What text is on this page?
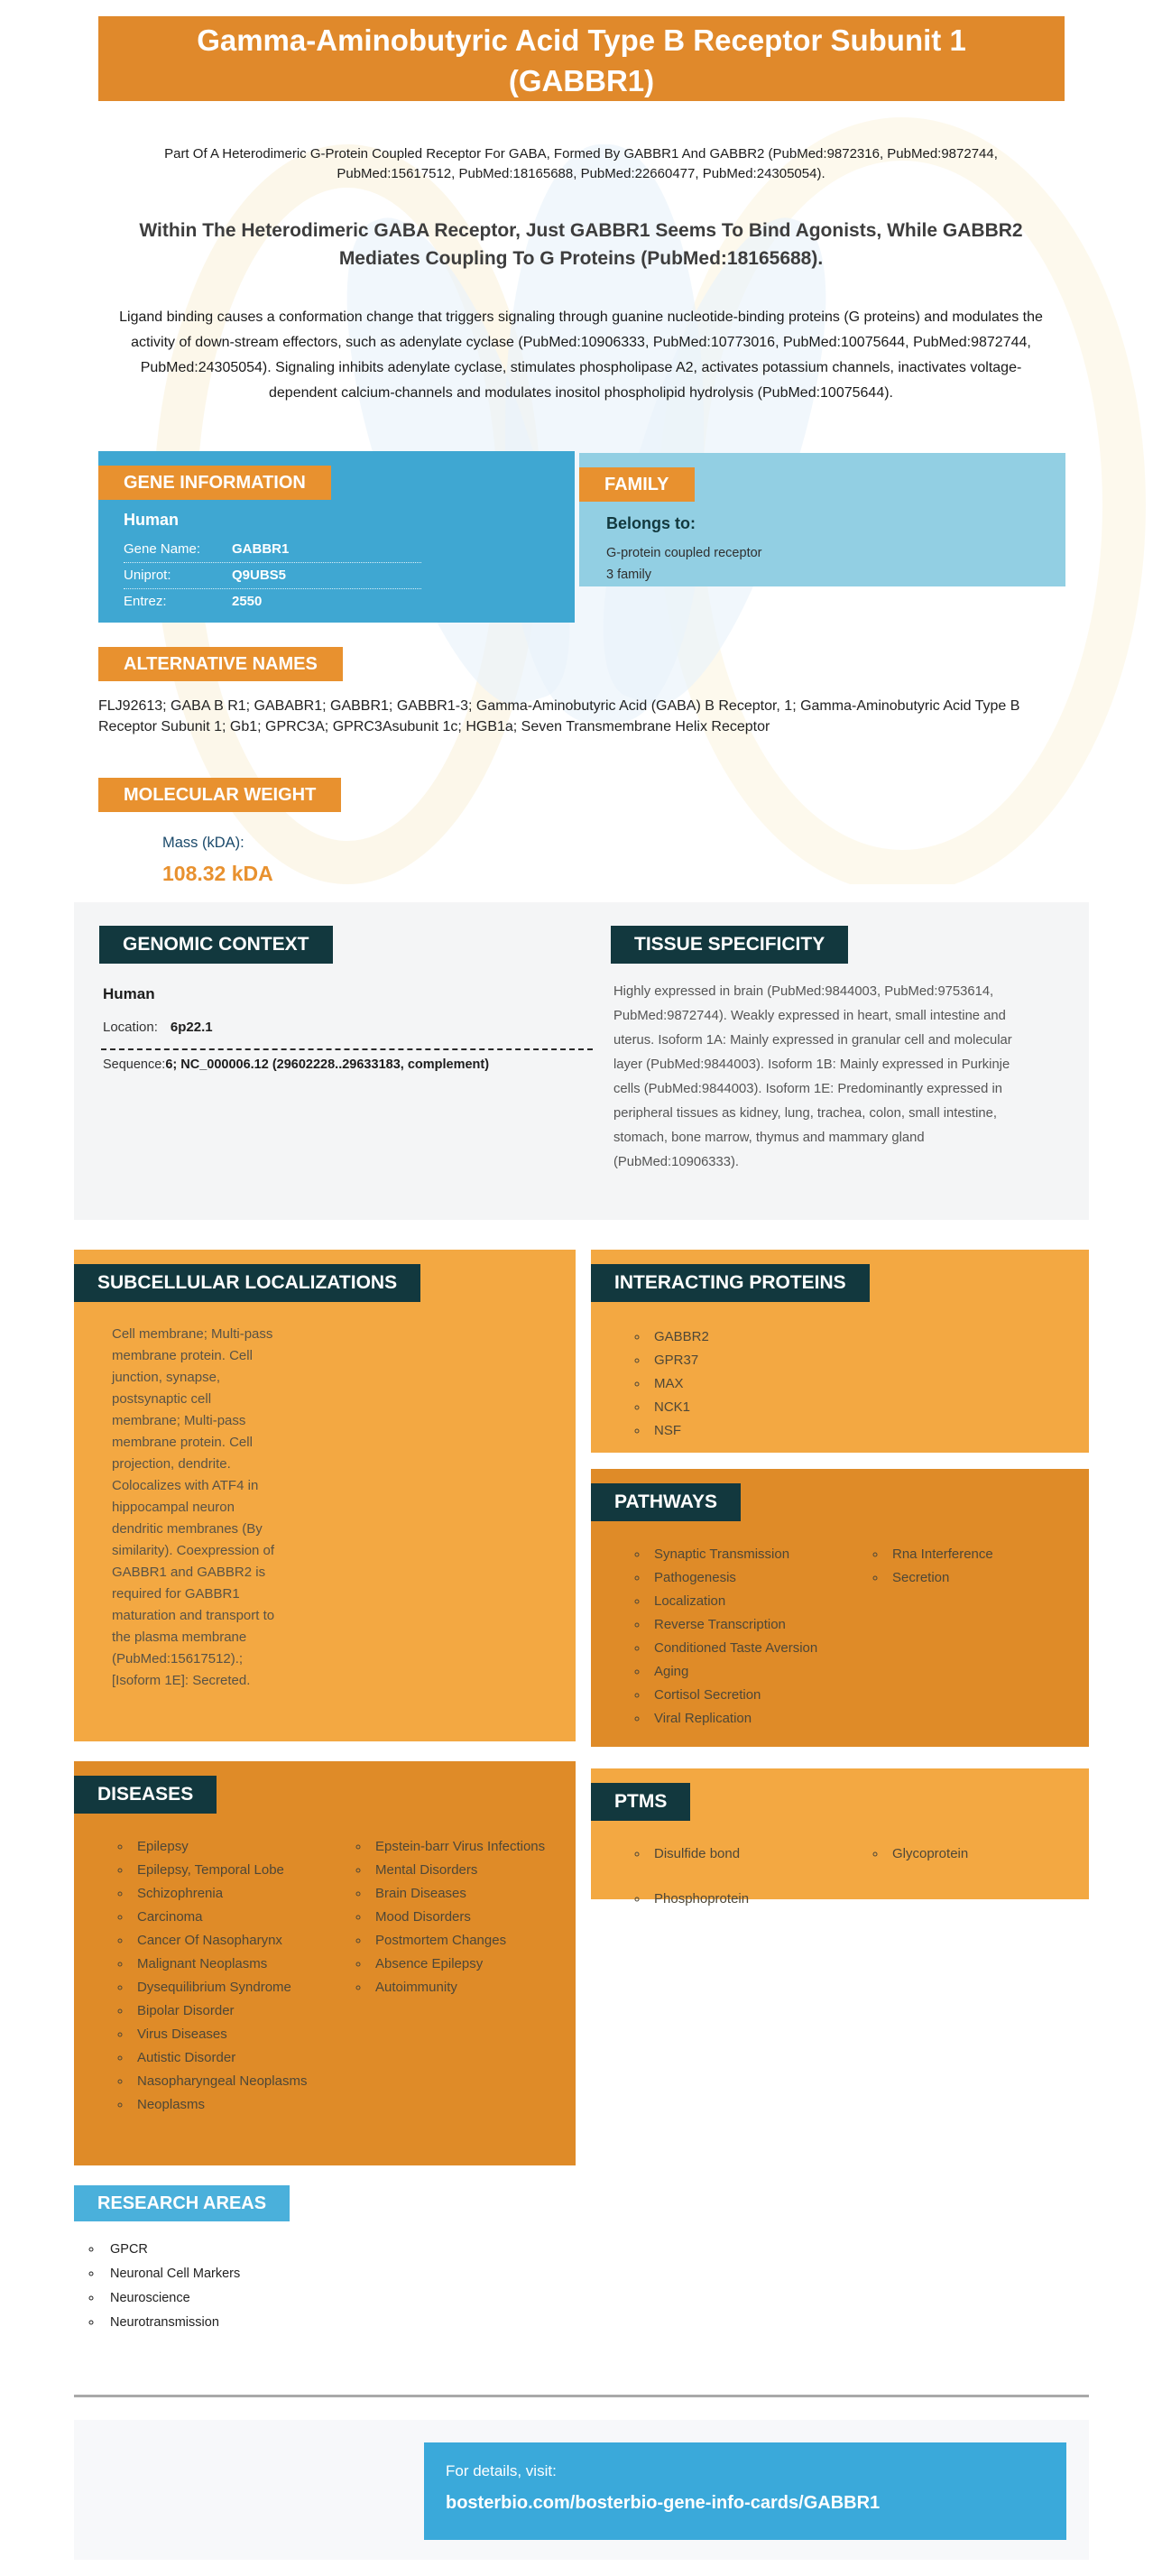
Gamma-Aminobutyric Acid Type B Receptor Subunit 1 (GABBR1)
Part Of A Heterodimeric G-Protein Coupled Receptor For GABA, Formed By GABBR1 And GABBR2 (PubMed:9872316, PubMed:9872744, PubMed:15617512, PubMed:18165688, PubMed:22660477, PubMed:24305054).
Within The Heterodimeric GABA Receptor, Just GABBR1 Seems To Bind Agonists, While GABBR2 Mediates Coupling To G Proteins (PubMed:18165688).
Ligand binding causes a conformation change that triggers signaling through guanine nucleotide-binding proteins (G proteins) and modulates the activity of down-stream effectors, such as adenylate cyclase (PubMed:10906333, PubMed:10773016, PubMed:10075644, PubMed:9872744, PubMed:24305054). Signaling inhibits adenylate cyclase, stimulates phospholipase A2, activates potassium channels, inactivates voltage-dependent calcium-channels and modulates inositol phospholipid hydrolysis (PubMed:10075644).
GENE INFORMATION
Human
Gene Name:	GABBR1
Uniprot:	Q9UBS5
Entrez:	2550
FAMILY
Belongs to:
G-protein coupled receptor
3 family
ALTERNATIVE NAMES
FLJ92613; GABA B R1; GABABR1; GABBR1; GABBR1-3; Gamma-Aminobutyric Acid (GABA) B Receptor, 1; Gamma-Aminobutyric Acid Type B Receptor Subunit 1; Gb1; GPRC3A; GPRC3Asubunit 1c; HGB1a; Seven Transmembrane Helix Receptor
MOLECULAR WEIGHT
Mass (kDA):
108.32 kDA
GENOMIC CONTEXT
Human
Location: 6p22.1
Sequence:6; NC_000006.12 (29602228..29633183, complement)
TISSUE SPECIFICITY
Highly expressed in brain (PubMed:9844003, PubMed:9753614, PubMed:9872744). Weakly expressed in heart, small intestine and uterus. Isoform 1A: Mainly expressed in granular cell and molecular layer (PubMed:9844003). Isoform 1B: Mainly expressed in Purkinje cells (PubMed:9844003). Isoform 1E: Predominantly expressed in peripheral tissues as kidney, lung, trachea, colon, small intestine, stomach, bone marrow, thymus and mammary gland (PubMed:10906333).
SUBCELLULAR LOCALIZATIONS
Cell membrane; Multi-pass membrane protein. Cell junction, synapse, postsynaptic cell membrane; Multi-pass membrane protein. Cell projection, dendrite. Colocalizes with ATF4 in hippocampal neuron dendritic membranes (By similarity). Coexpression of GABBR1 and GABBR2 is required for GABBR1 maturation and transport to the plasma membrane (PubMed:15617512).; [Isoform 1E]: Secreted.
INTERACTING PROTEINS
◦ GABBR2
◦ GPR37
◦ MAX
◦ NCK1
◦ NSF
PATHWAYS
◦ Synaptic Transmission
◦ Pathogenesis
◦ Localization
◦ Reverse Transcription
◦ Conditioned Taste Aversion
◦ Aging
◦ Cortisol Secretion
◦ Viral Replication
◦ Rna Interference
◦ Secretion
DISEASES
◦ Epilepsy
◦ Epilepsy, Temporal Lobe
◦ Schizophrenia
◦ Carcinoma
◦ Cancer Of Nasopharynx
◦ Malignant Neoplasms
◦ Dysequilibrium Syndrome
◦ Bipolar Disorder
◦ Virus Diseases
◦ Autistic Disorder
◦ Nasopharyngeal Neoplasms
◦ Neoplasms
◦ Epstein-barr Virus Infections
◦ Mental Disorders
◦ Brain Diseases
◦ Mood Disorders
◦ Postmortem Changes
◦ Absence Epilepsy
◦ Autoimmunity
PTMS
◦ Disulfide bond
◦ Phosphoprotein
◦ Glycoprotein
RESEARCH AREAS
◦ GPCR
◦ Neuronal Cell Markers
◦ Neuroscience
◦ Neurotransmission
For details, visit:
bosterbio.com/bosterbio-gene-info-cards/GABBR1
